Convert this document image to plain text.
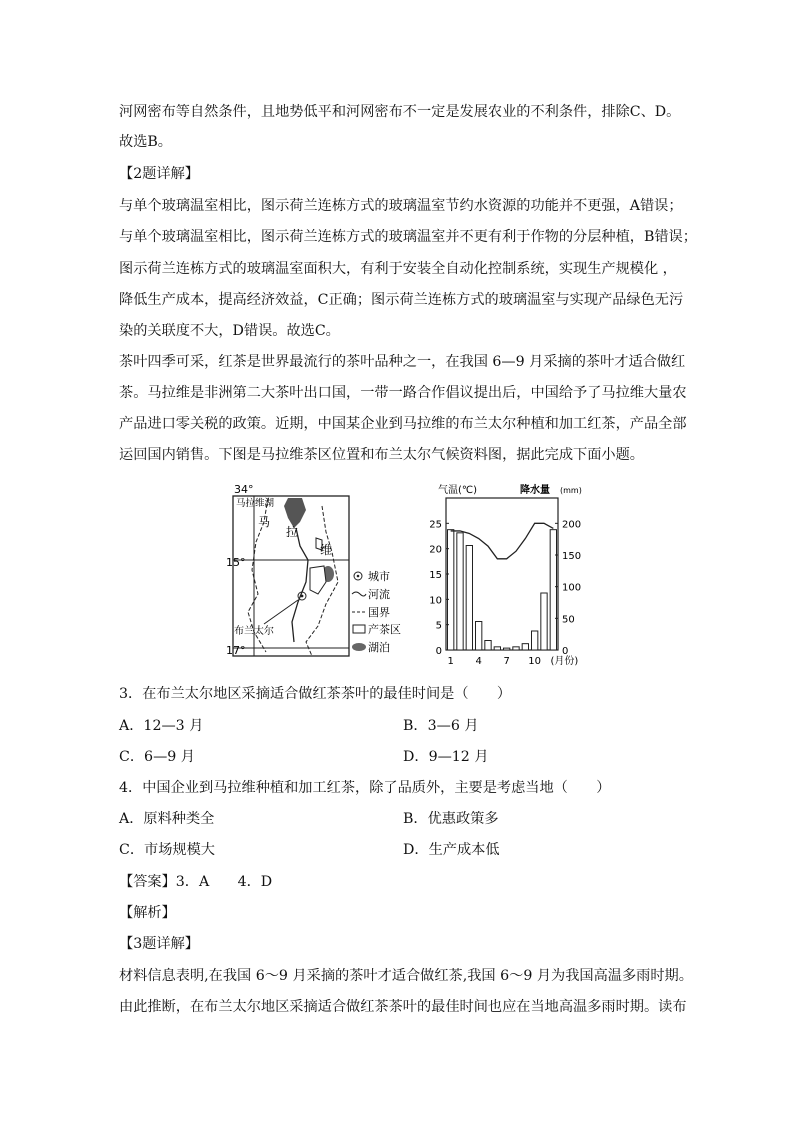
河网密布等自然条件，且地势低平和河网密布不一定是发展农业的不利条件，排除C、D。
故选B。
【2题详解】
与单个玻璃温室相比，图示荷兰连栋方式的玻璃温室节约水资源的功能并不更强，A错误；
与单个玻璃温室相比，图示荷兰连栋方式的玻璃温室并不更有利于作物的分层种植，B错误；
图示荷兰连栋方式的玻璃温室面积大，有利于安装全自动化控制系统，实现生产规模化 ，
降低生产成本，提高经济效益，C正确；图示荷兰连栋方式的玻璃温室与实现产品绿色无污
染的关联度不大，D错误。故选C。
茶叶四季可采，红茶是世界最流行的茶叶品种之一，在我国 6—9 月采摘的茶叶才适合做红
茶。马拉维是非洲第二大茶叶出口国，一带一路合作倡议提出后，中国给予了马拉维大量农
产品进口零关税的政策。近期，中国某企业到马拉维的布兰太尔种植和加工红茶，产品全部
运回国内销售。下图是马拉维茶区位置和布兰太尔气候资料图，据此完成下面小题。
34°
马拉维湖
马
拉
维
布兰太尔
15°
17°
城市
河流
国界
产茶区
湖泊
气温(℃)	降水量 (mm)
25
20
15
10
5
0
200
150
100
50
0
1 4 7 10 (月份)
3．在布兰太尔地区采摘适合做红茶茶叶的最佳时间是（　　）
A．12—3 月	B．3—6 月
C．6—9 月	D．9—12 月
4．中国企业到马拉维种植和加工红茶，除了品质外，主要是考虑当地（　　）
A．原料种类全	B．优惠政策多
C．市场规模大	D．生产成本低
【答案】3．A　　4．D
【解析】
【3题详解】
材料信息表明,在我国 6～9 月采摘的茶叶才适合做红茶,我国 6～9 月为我国高温多雨时期。
由此推断，在布兰太尔地区采摘适合做红茶茶叶的最佳时间也应在当地高温多雨时期。读布
